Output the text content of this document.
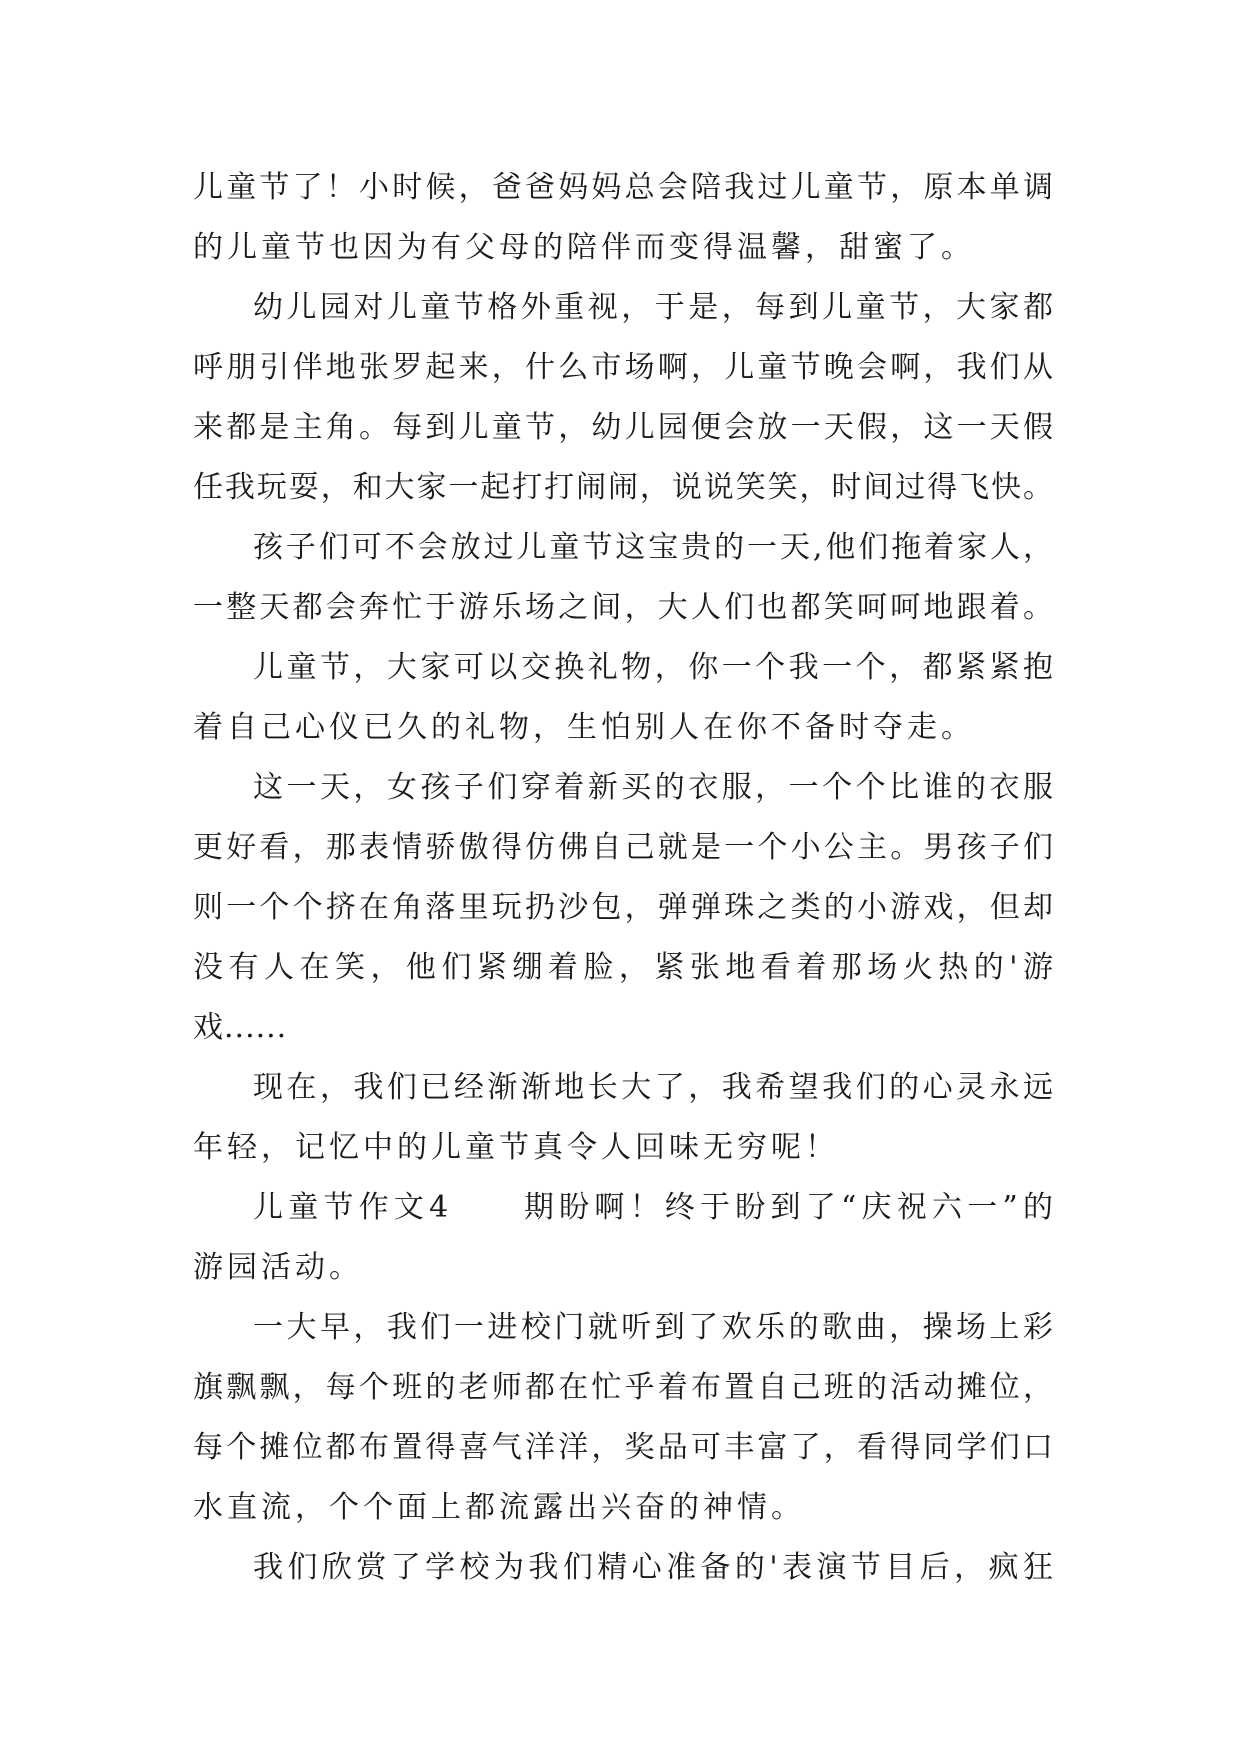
儿童节了！小时候，爸爸妈妈总会陪我过儿童节，原本单调
的儿童节也因为有父母的陪伴而变得温馨，甜蜜了。
幼儿园对儿童节格外重视，于是，每到儿童节，大家都
呼朋引伴地张罗起来，什么市场啊，儿童节晚会啊，我们从
来都是主角。每到儿童节，幼儿园便会放一天假，这一天假
任我玩耍，和大家一起打打闹闹，说说笑笑，时间过得飞快。
孩子们可不会放过儿童节这宝贵的一天,他们拖着家人，
一整天都会奔忙于游乐场之间，大人们也都笑呵呵地跟着。
儿童节，大家可以交换礼物，你一个我一个，都紧紧抱
着自己心仪已久的礼物，生怕别人在你不备时夺走。
这一天，女孩子们穿着新买的衣服，一个个比谁的衣服
更好看，那表情骄傲得仿佛自己就是一个小公主。男孩子们
则一个个挤在角落里玩扔沙包，弹弹珠之类的小游戏，但却
没有人在笑，他们紧绷着脸，紧张地看着那场火热的'游
戏......
现在，我们已经渐渐地长大了，我希望我们的心灵永远
年轻，记忆中的儿童节真令人回味无穷呢！
儿童节作文4　　期盼啊！终于盼到了“庆祝六一”的
游园活动。
一大早，我们一进校门就听到了欢乐的歌曲，操场上彩
旗飘飘，每个班的老师都在忙乎着布置自己班的活动摊位，
每个摊位都布置得喜气洋洋，奖品可丰富了，看得同学们口
水直流，个个面上都流露出兴奋的神情。
我们欣赏了学校为我们精心准备的'表演节目后，疯狂
